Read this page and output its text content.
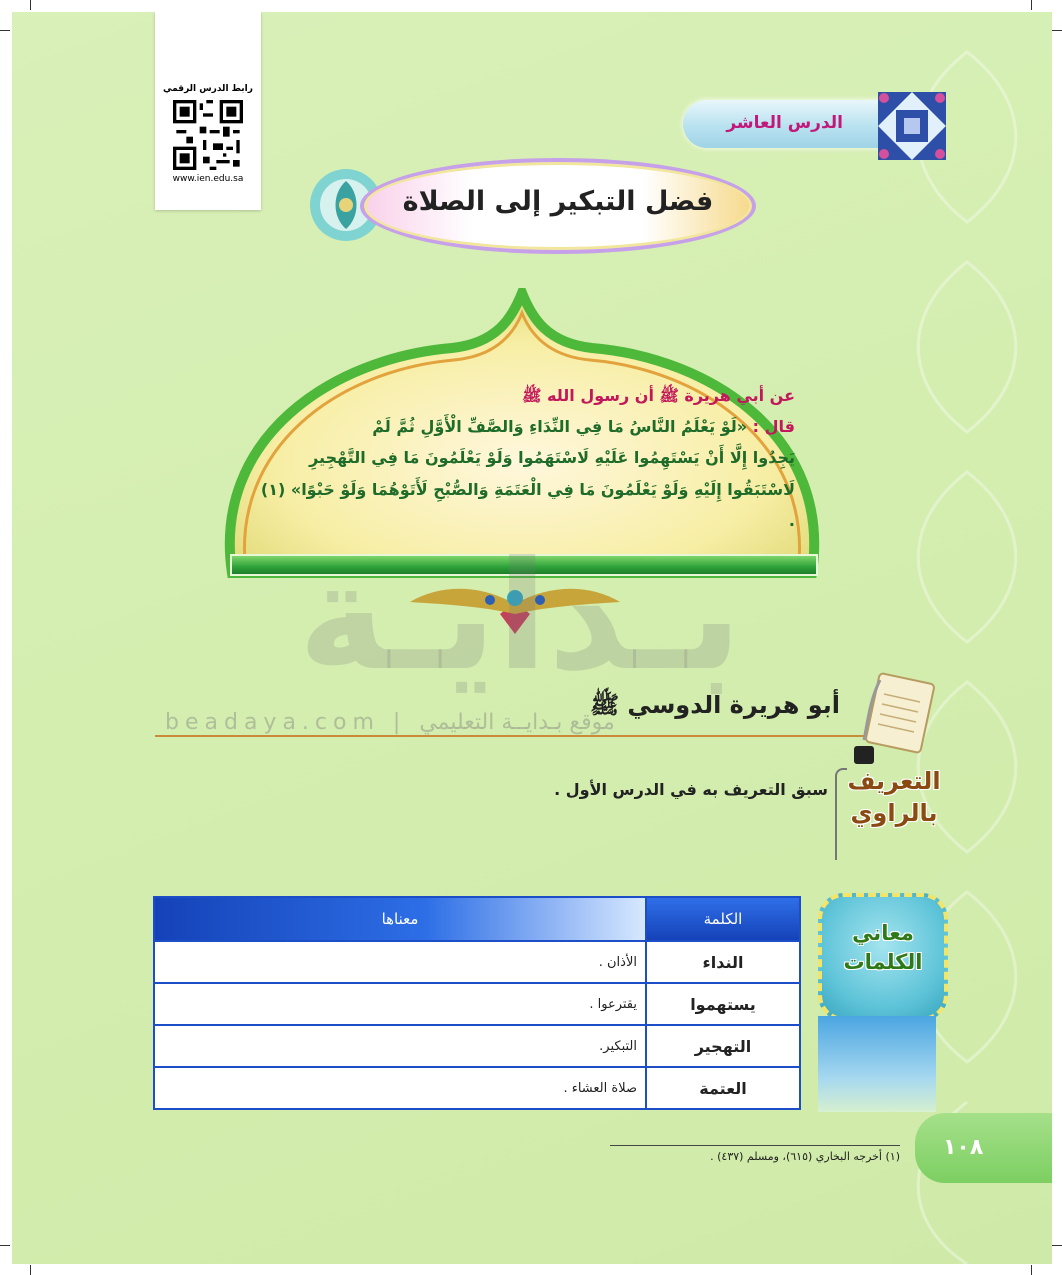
رابط الدرس الرقمي
www.ien.edu.sa
الدرس العاشر
فضل التبكير إلى الصلاة
عن أبي هريرة ﷺ أن رسول الله ﷺ
قال : «لَوْ يَعْلَمُ النَّاسُ مَا فِي النِّدَاءِ وَالصَّفِّ الْأَوَّلِ ثُمَّ لَمْ
يَجِدُوا إِلَّا أَنْ يَسْتَهِمُوا عَلَيْهِ لَاسْتَهَمُوا وَلَوْ يَعْلَمُونَ مَا فِي التَّهْجِيرِ
لَاسْتَبَقُوا إِلَيْهِ وَلَوْ يَعْلَمُونَ مَا فِي الْعَتَمَةِ وَالصُّبْحِ لَأَتَوْهُمَا وَلَوْ حَبْوًا» (١) .
بـدايـة
beadaya.com | موقع بـدايــة التعليمي
أبو هريرة الدوسي ﷺ
التعريف
بالراوي
سبق التعريف به في الدرس الأول .
معاني
الكلمات
الكلمة	معناها
النداء	الأذان .
يستهموا	يقترعوا .
التهجير	التبكير.
العتمة	صلاة العشاء .
(١) أخرجه البخاري (٦١٥)، ومسلم (٤٣٧) .	١٠٨
